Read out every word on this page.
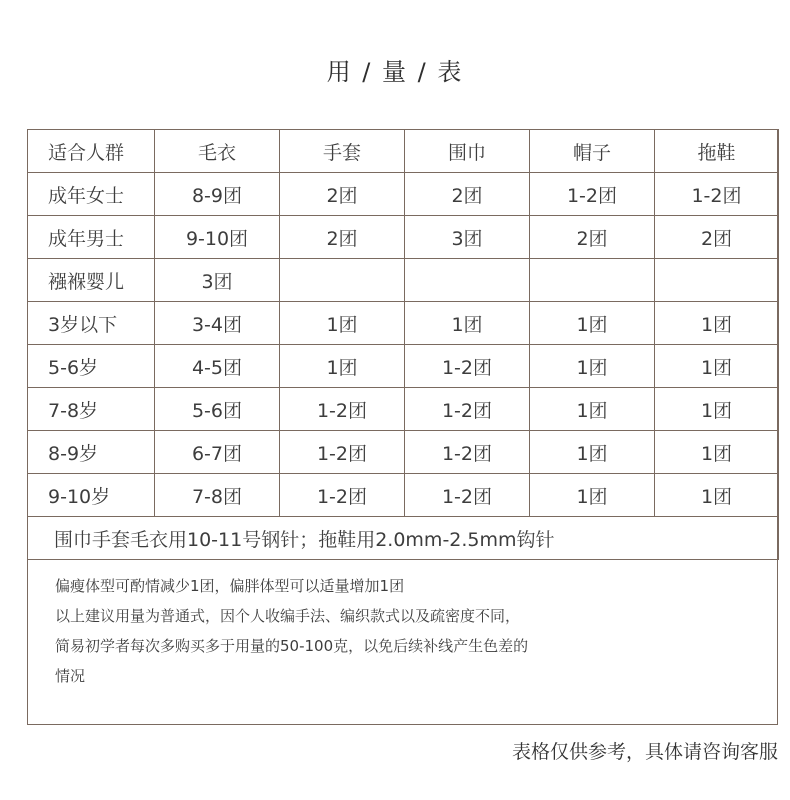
用 / 量 / 表
适合人群	毛衣	手套	围巾	帽子	拖鞋
成年女士	8-9团	2团	2团	1-2团	1-2团
成年男士	9-10团	2团	3团	2团	2团
襁褓婴儿	3团				
3岁以下	3-4团	1团	1团	1团	1团
5-6岁	4-5团	1团	1-2团	1团	1团
7-8岁	5-6团	1-2团	1-2团	1团	1团
8-9岁	6-7团	1-2团	1-2团	1团	1团
9-10岁	7-8团	1-2团	1-2团	1团	1团
围巾手套毛衣用10-11号钢针；拖鞋用2.0mm-2.5mm钩针					
偏瘦体型可酌情减少1团，偏胖体型可以适量增加1团
以上建议用量为普通式，因个人收编手法、编织款式以及疏密度不同，
简易初学者每次多购买多于用量的50-100克，以免后续补线产生色差的
情况
表格仅供参考，具体请咨询客服
